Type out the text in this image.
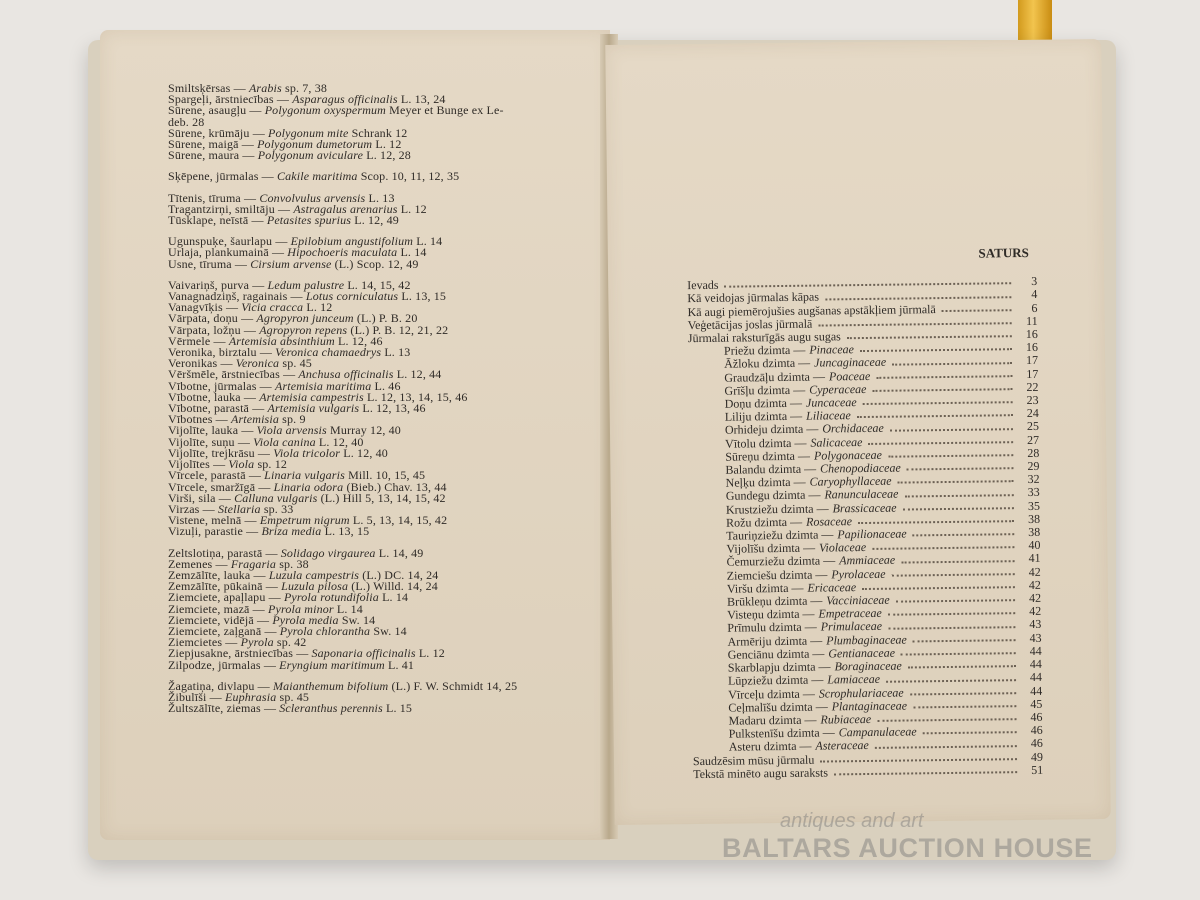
Smiltsķērsas — Arabis sp. 7, 38
Spargeļi, ārstniecības — Asparagus officinalis L. 13, 24
Sūrene, asaugļu — Polygonum oxyspermum Meyer et Bunge ex Le-
deb. 28
Sūrene, krūmāju — Polygonum mite Schrank 12
Sūrene, maigā — Polygonum dumetorum L. 12
Sūrene, maura — Polygonum aviculare L. 12, 28
Sķēpene, jūrmalas — Cakile maritima Scop. 10, 11, 12, 35
Tītenis, tīruma — Convolvulus arvensis L. 13
Tragantzirņi, smiltāju — Astragalus arenarius L. 12
Tūsklape, neīstā — Petasites spurius L. 12, 49
Ugunspuķe, šaurlapu — Epilobium angustifolium L. 14
Urlaja, plankumainā — Hipochoeris maculata L. 14
Usne, tīruma — Cirsium arvense (L.) Scop. 12, 49
Vaivariņš, purva — Ledum palustre L. 14, 15, 42
Vanagnadziņš, ragainais — Lotus corniculatus L. 13, 15
Vanagvīķis — Vicia cracca L. 12
Vārpata, doņu — Agropyron junceum (L.) P. B. 20
Vārpata, ložņu — Agropyron repens (L.) P. B. 12, 21, 22
Vērmele — Artemisia absinthium L. 12, 46
Veronika, birztalu — Veronica chamaedrys L. 13
Veronikas — Veronica sp. 45
Vēršmēle, ārstniecības — Anchusa officinalis L. 12, 44
Vībotne, jūrmalas — Artemisia maritima L. 46
Vībotne, lauka — Artemisia campestris L. 12, 13, 14, 15, 46
Vībotne, parastā — Artemisia vulgaris L. 12, 13, 46
Vībotnes — Artemisia sp. 9
Vijolīte, lauka — Viola arvensis Murray 12, 40
Vijolīte, suņu — Viola canina L. 12, 40
Vijolīte, trejkrāsu — Viola tricolor L. 12, 40
Vijolītes — Viola sp. 12
Vīrcele, parastā — Linaria vulgaris Mill. 10, 15, 45
Vīrcele, smaržīgā — Linaria odora (Bieb.) Chav. 13, 44
Virši, sila — Calluna vulgaris (L.) Hill 5, 13, 14, 15, 42
Virzas — Stellaria sp. 33
Vistene, melnā — Empetrum nigrum L. 5, 13, 14, 15, 42
Vizuļi, parastie — Briza media L. 13, 15
Zeltslotiņa, parastā — Solidago virgaurea L. 14, 49
Zemenes — Fragaria sp. 38
Zemzālīte, lauka — Luzula campestris (L.) DC. 14, 24
Zemzālīte, pūkainā — Luzula pilosa (L.) Willd. 14, 24
Ziemciete, apaļlapu — Pyrola rotundifolia L. 14
Ziemciete, mazā — Pyrola minor L. 14
Ziemciete, vidējā — Pyrola media Sw. 14
Ziemciete, zaļganā — Pyrola chlorantha Sw. 14
Ziemcietes — Pyrola sp. 42
Ziepjusakne, ārstniecības — Saponaria officinalis L. 12
Zilpodze, jūrmalas — Eryngium maritimum L. 41
Žagatiņa, divlapu — Maianthemum bifolium (L.) F. W. Schmidt 14, 25
Žibulīši — Euphrasia sp. 45
Žultszālīte, ziemas — Scleranthus perennis L. 15
SATURS
Ievads	3
Kā veidojas jūrmalas kāpas	4
Kā augi piemērojušies augšanas apstākļiem jūrmalā	6
Veģetācijas joslas jūrmalā	11
Jūrmalai raksturīgās augu sugas	16
Priežu dzimta — Pinaceae	16
Āžloku dzimta — Juncaginaceae	17
Graudzāļu dzimta — Poaceae	17
Grīšļu dzimta — Cyperaceae	22
Doņu dzimta — Juncaceae	23
Liliju dzimta — Liliaceae	24
Orhideju dzimta — Orchidaceae	25
Vītolu dzimta — Salicaceae	27
Sūreņu dzimta — Polygonaceae	28
Balandu dzimta — Chenopodiaceae	29
Neļķu dzimta — Caryophyllaceae	32
Gundegu dzimta — Ranunculaceae	33
Krustziežu dzimta — Brassicaceae	35
Rožu dzimta — Rosaceae	38
Tauriņziežu dzimta — Papilionaceae	38
Vijolīšu dzimta — Violaceae	40
Čemurziežu dzimta — Ammiaceae	41
Ziemciešu dzimta — Pyrolaceae	42
Viršu dzimta — Ericaceae	42
Brūkleņu dzimta — Vacciniaceae	42
Visteņu dzimta — Empetraceae	42
Prīmulu dzimta — Primulaceae	43
Armēriju dzimta — Plumbaginaceae	43
Genciānu dzimta — Gentianaceae	44
Skarblapju dzimta — Boraginaceae	44
Lūpziežu dzimta — Lamiaceae	44
Vīrceļu dzimta — Scrophulariaceae	44
Ceļmalīšu dzimta — Plantaginaceae	45
Madaru dzimta — Rubiaceae	46
Pulkstenīšu dzimta — Campanulaceae	46
Asteru dzimta — Asteraceae	46
Saudzēsim mūsu jūrmalu	49
Tekstā minēto augu saraksts	51
antiques and art
BALTARS AUCTION HOUSE
